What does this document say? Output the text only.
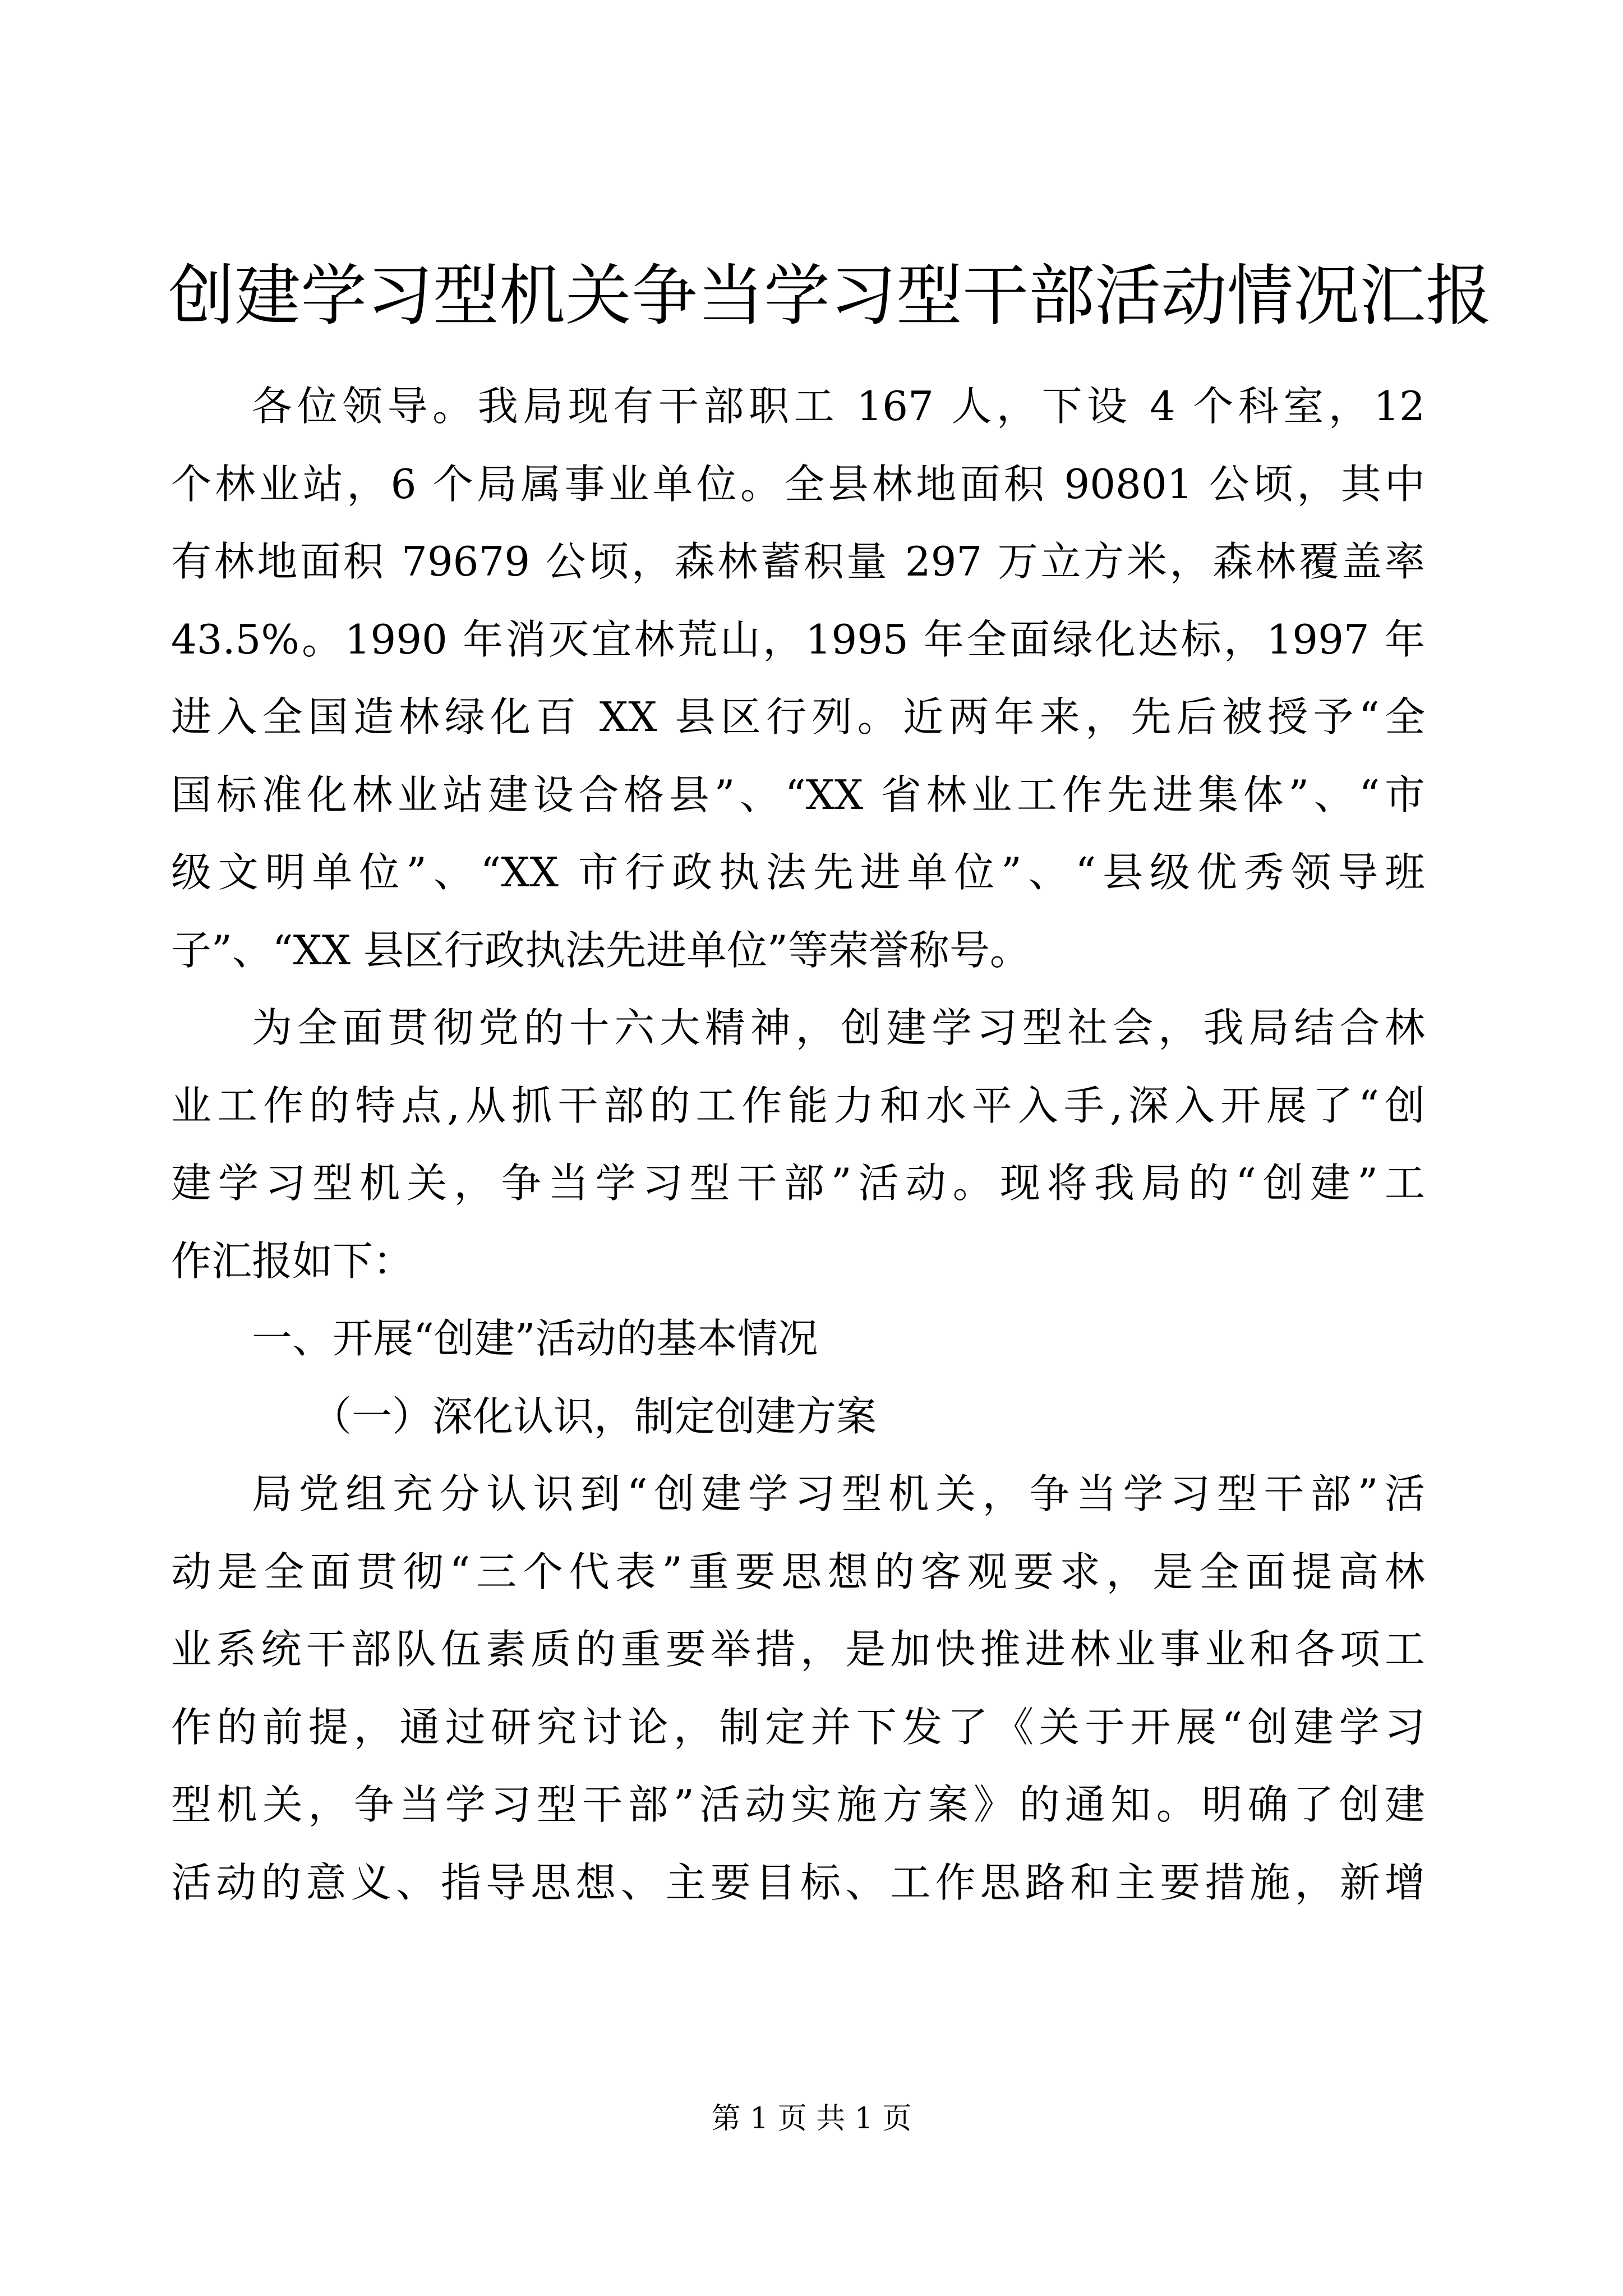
创建学习型机关争当学习型干部活动情况汇报
各位领导。我局现有干部职工 167 人，下设 4 个科室，12
个林业站，6 个局属事业单位。全县林地面积 90801 公顷，其中
有林地面积 79679 公顷，森林蓄积量 297 万立方米，森林覆盖率
43.5%。1990 年消灭宜林荒山，1995 年全面绿化达标，1997 年
进入全国造林绿化百 XX 县区行列。近两年来，先后被授予“全
国标准化林业站建设合格县”、“XX 省林业工作先进集体”、“市
级文明单位”、“XX 市行政执法先进单位”、“县级优秀领导班
子”、“XX 县区行政执法先进单位”等荣誉称号。
为全面贯彻党的十六大精神，创建学习型社会，我局结合林
业工作的特点,从抓干部的工作能力和水平入手,深入开展了“创
建学习型机关，争当学习型干部”活动。现将我局的“创建”工
作汇报如下：
一、开展“创建”活动的基本情况
（一）深化认识，制定创建方案
局党组充分认识到“创建学习型机关，争当学习型干部”活
动是全面贯彻“三个代表”重要思想的客观要求，是全面提高林
业系统干部队伍素质的重要举措，是加快推进林业事业和各项工
作的前提，通过研究讨论，制定并下发了《关于开展“创建学习
型机关，争当学习型干部”活动实施方案》的通知。明确了创建
活动的意义、指导思想、主要目标、工作思路和主要措施，新增
第 1 页 共 1 页
